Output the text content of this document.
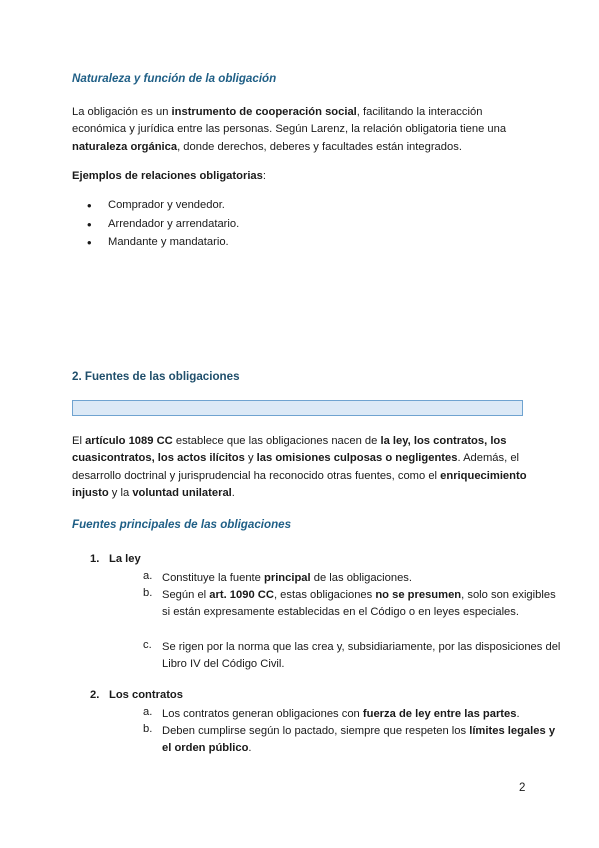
Naturaleza y función de la obligación

La obligación es un instrumento de cooperación social, facilitando la interacción económica y jurídica entre las personas. Según Larenz, la relación obligatoria tiene una naturaleza orgánica, donde derechos, deberes y facultades están integrados.

Ejemplos de relaciones obligatorias:

• Comprador y vendedor.
• Arrendador y arrendatario.
• Mandante y mandatario.

2. Fuentes de las obligaciones

El artículo 1089 CC establece que las obligaciones nacen de la ley, los contratos, los cuasicontratos, los actos ilícitos y las omisiones culposas o negligentes. Además, el desarrollo doctrinal y jurisprudencial ha reconocido otras fuentes, como el enriquecimiento injusto y la voluntad unilateral.

Fuentes principales de las obligaciones

1. La ley
a. Constituye la fuente principal de las obligaciones.
b. Según el art. 1090 CC, estas obligaciones no se presumen, solo son exigibles si están expresamente establecidas en el Código o en leyes especiales.
c. Se rigen por la norma que las crea y, subsidiariamente, por las disposiciones del Libro IV del Código Civil.
2. Los contratos
a. Los contratos generan obligaciones con fuerza de ley entre las partes.
b. Deben cumplirse según lo pactado, siempre que respeten los límites legales y el orden público.

2
